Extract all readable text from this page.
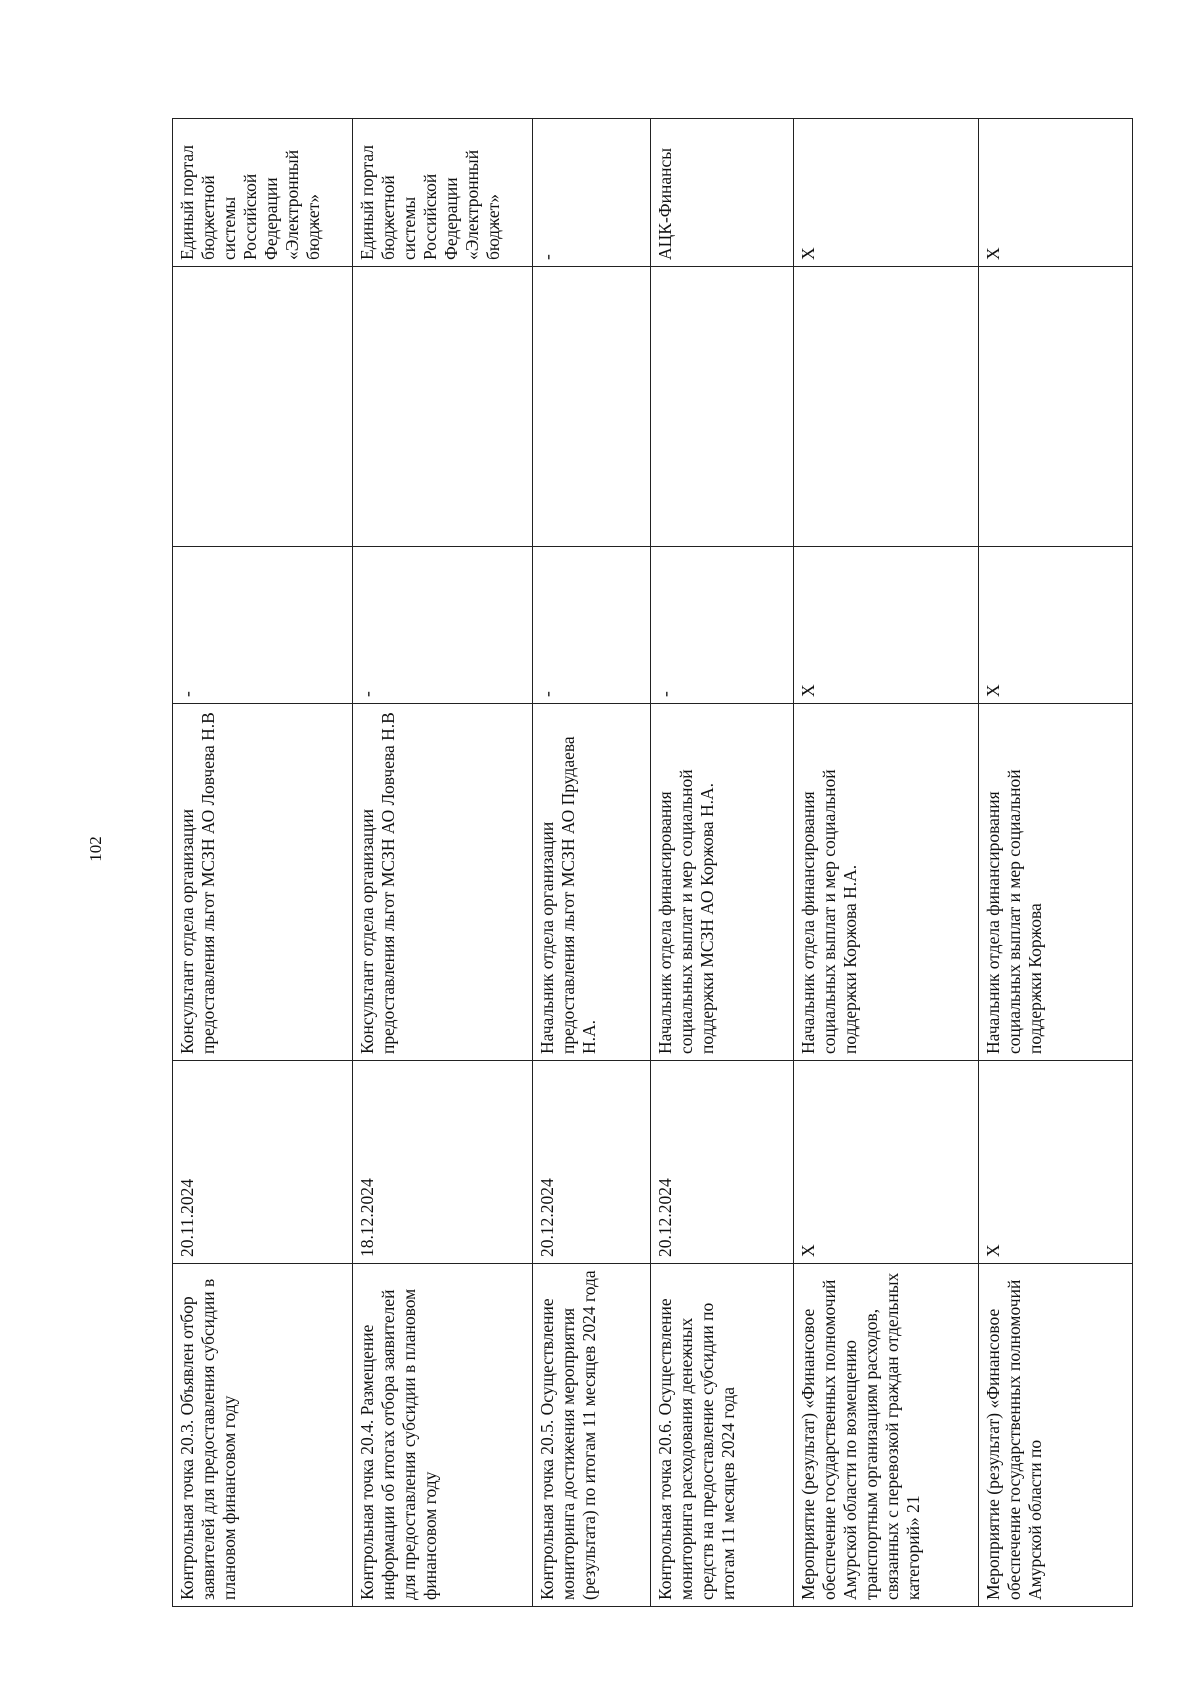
102
Контрольная точка 20.3. Объявлен отбор заявителей для предоставления субсидии в плановом финансовом году	20.11.2024	Консультант отдела организации предоставления льгот МСЗН АО Ловчева Н.В	-		Единый портал бюджетной системы Российской Федерации «Электронный бюджет»
Контрольная точка 20.4. Размещение информации об итогах отбора заявителей для предоставления субсидии в плановом финансовом году	18.12.2024	Консультант отдела организации предоставления льгот МСЗН АО Ловчева Н.В	-		Единый портал бюджетной системы Российской Федерации «Электронный бюджет»
Контрольная точка 20.5. Осуществление мониторинга достижения мероприятия (результата) по итогам 11 месяцев 2024 года	20.12.2024	Начальник отдела организации предоставления льгот МСЗН АО Прудаева Н.А.	-		-
Контрольная точка 20.6. Осуществление мониторинга расходования денежных средств на предоставление субсидии по итогам 11 месяцев 2024 года	20.12.2024	Начальник отдела финансирования социальных выплат и мер социальной поддержки МСЗН АО Коржова Н.А.	-		АЦК-Финансы
Мероприятие (результат) «Финансовое обеспечение государственных полномочий Амурской области по возмещению транспортным организациям расходов, связанных с перевозкой граждан отдельных категорий» 21	X	Начальник отдела финансирования социальных выплат и мер социальной поддержки Коржова Н.А.	X		X
Мероприятие (результат) «Финансовое обеспечение государственных полномочий Амурской области по	X	Начальник отдела финансирования социальных выплат и мер социальной поддержки Коржова	X		X
